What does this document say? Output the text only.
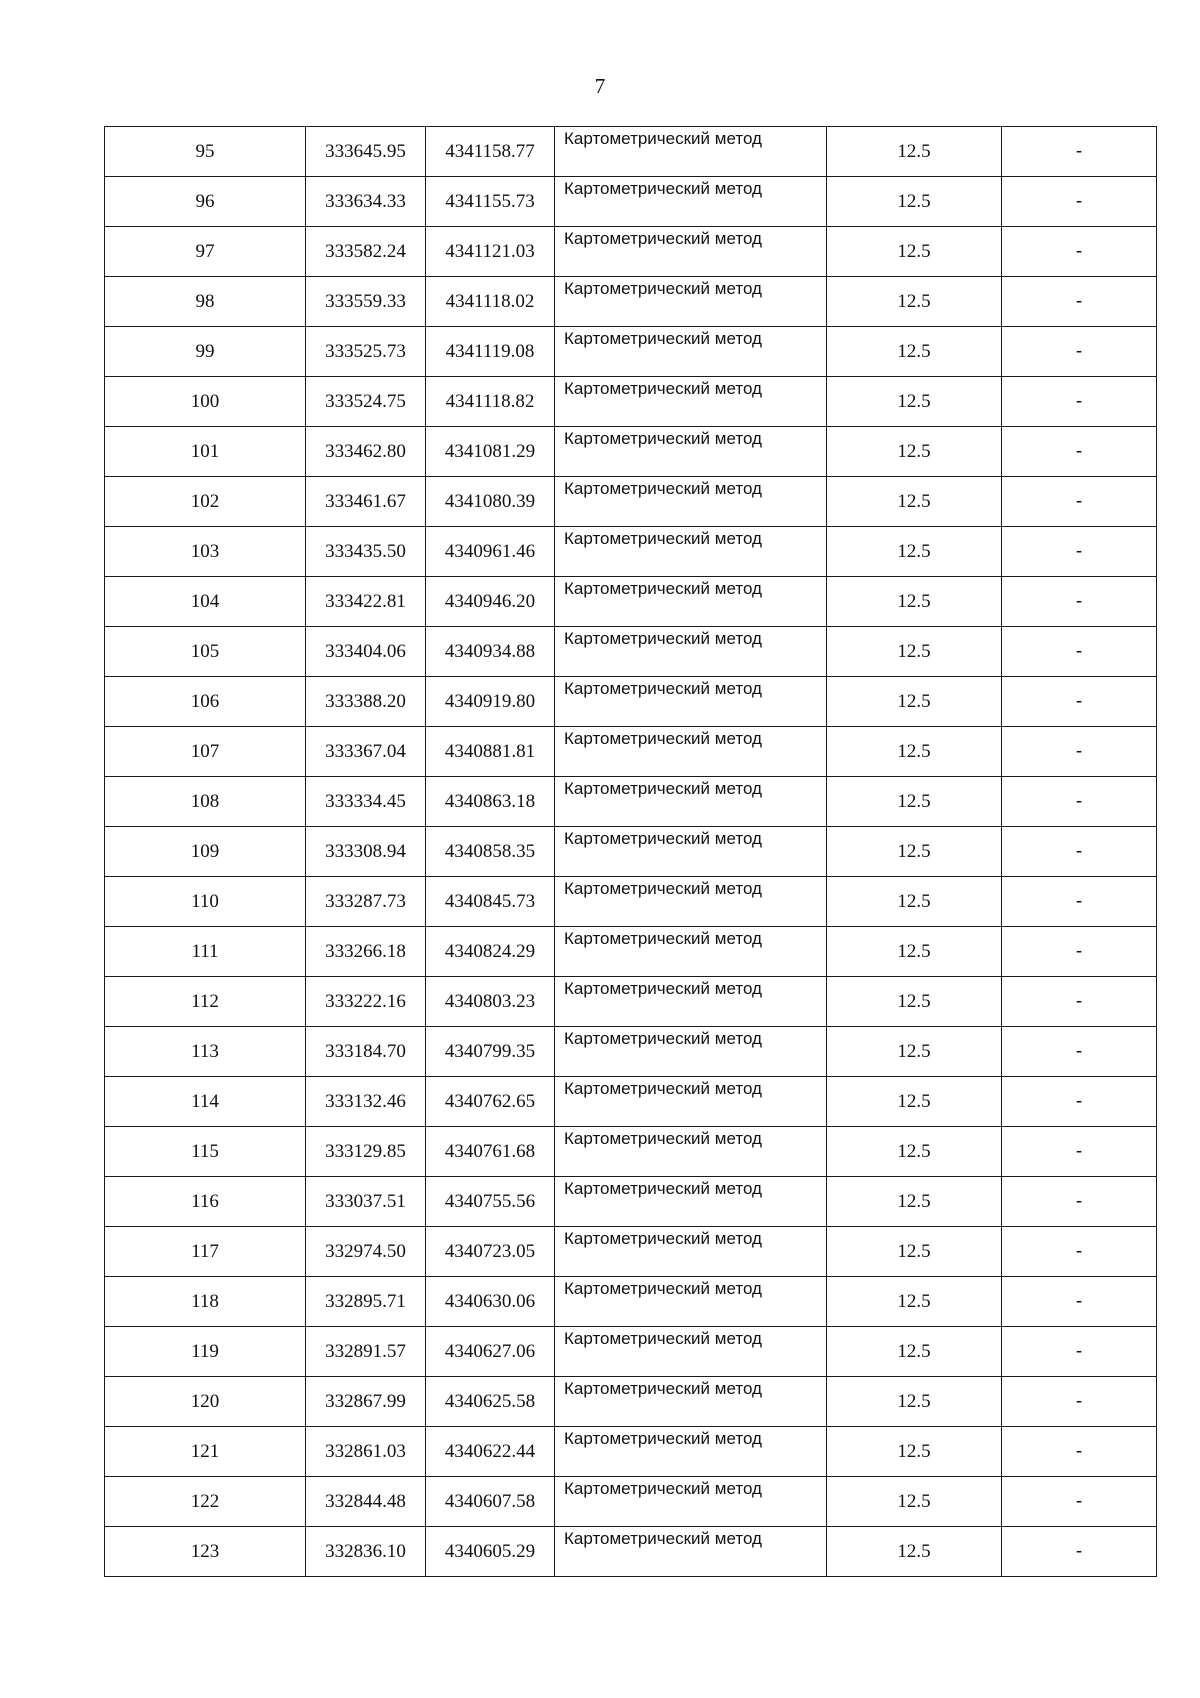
7
95	333645.95	4341158.77	Картометрический метод	12.5	-
96	333634.33	4341155.73	Картометрический метод	12.5	-
97	333582.24	4341121.03	Картометрический метод	12.5	-
98	333559.33	4341118.02	Картометрический метод	12.5	-
99	333525.73	4341119.08	Картометрический метод	12.5	-
100	333524.75	4341118.82	Картометрический метод	12.5	-
101	333462.80	4341081.29	Картометрический метод	12.5	-
102	333461.67	4341080.39	Картометрический метод	12.5	-
103	333435.50	4340961.46	Картометрический метод	12.5	-
104	333422.81	4340946.20	Картометрический метод	12.5	-
105	333404.06	4340934.88	Картометрический метод	12.5	-
106	333388.20	4340919.80	Картометрический метод	12.5	-
107	333367.04	4340881.81	Картометрический метод	12.5	-
108	333334.45	4340863.18	Картометрический метод	12.5	-
109	333308.94	4340858.35	Картометрический метод	12.5	-
110	333287.73	4340845.73	Картометрический метод	12.5	-
111	333266.18	4340824.29	Картометрический метод	12.5	-
112	333222.16	4340803.23	Картометрический метод	12.5	-
113	333184.70	4340799.35	Картометрический метод	12.5	-
114	333132.46	4340762.65	Картометрический метод	12.5	-
115	333129.85	4340761.68	Картометрический метод	12.5	-
116	333037.51	4340755.56	Картометрический метод	12.5	-
117	332974.50	4340723.05	Картометрический метод	12.5	-
118	332895.71	4340630.06	Картометрический метод	12.5	-
119	332891.57	4340627.06	Картометрический метод	12.5	-
120	332867.99	4340625.58	Картометрический метод	12.5	-
121	332861.03	4340622.44	Картометрический метод	12.5	-
122	332844.48	4340607.58	Картометрический метод	12.5	-
123	332836.10	4340605.29	Картометрический метод	12.5	-
